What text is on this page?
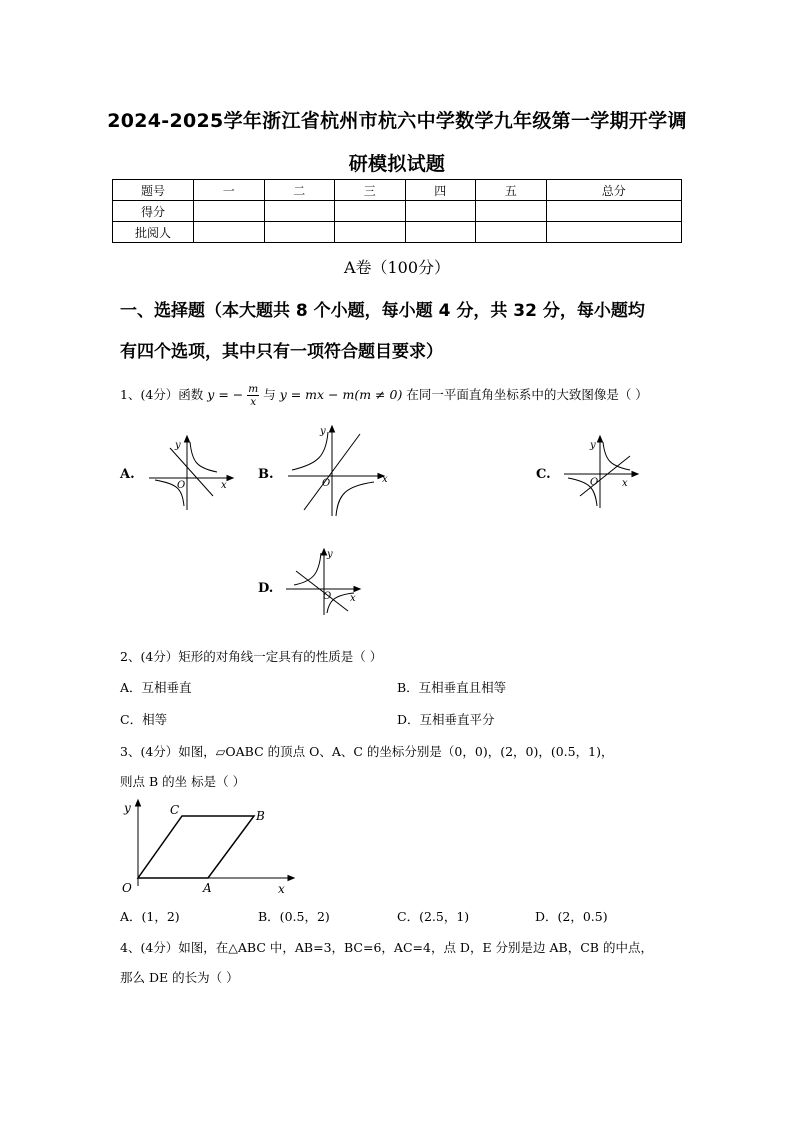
2024-2025学年浙江省杭州市杭六中学数学九年级第一学期开学调
研模拟试题
题号	一	二	三	四	五	总分
得分						
批阅人						
A卷（100分）
一、选择题（本大题共 8 个小题，每小题 4 分，共 32 分，每小题均
有四个选项，其中只有一项符合题目要求）
1、(4分）函数 y = − $\frac{m}{x}$ 与 y = mx − m(m ≠ 0) 在同一平面直角坐标系中的大致图像是（ ）
A.	B.	C.
D.
y
x
O
y
x
O
y
x
O
y
x
O
2、(4分）矩形的对角线一定具有的性质是（ ）
A．互相垂直	B．互相垂直且相等
C．相等	D．互相垂直平分
3、(4分）如图，▱OABC 的顶点 O、A、C 的坐标分别是（0，0)，(2，0)，(0.5，1)，
则点 B 的坐 标是（ ）
y
x
O	A
B
C
A．(1，2)	B．(0.5，2)	C．(2.5，1)	D．(2，0.5)
4、(4分）如图，在△ABC 中，AB=3，BC=6，AC=4，点 D，E 分别是边 AB，CB 的中点，
那么 DE 的长为（ ）
